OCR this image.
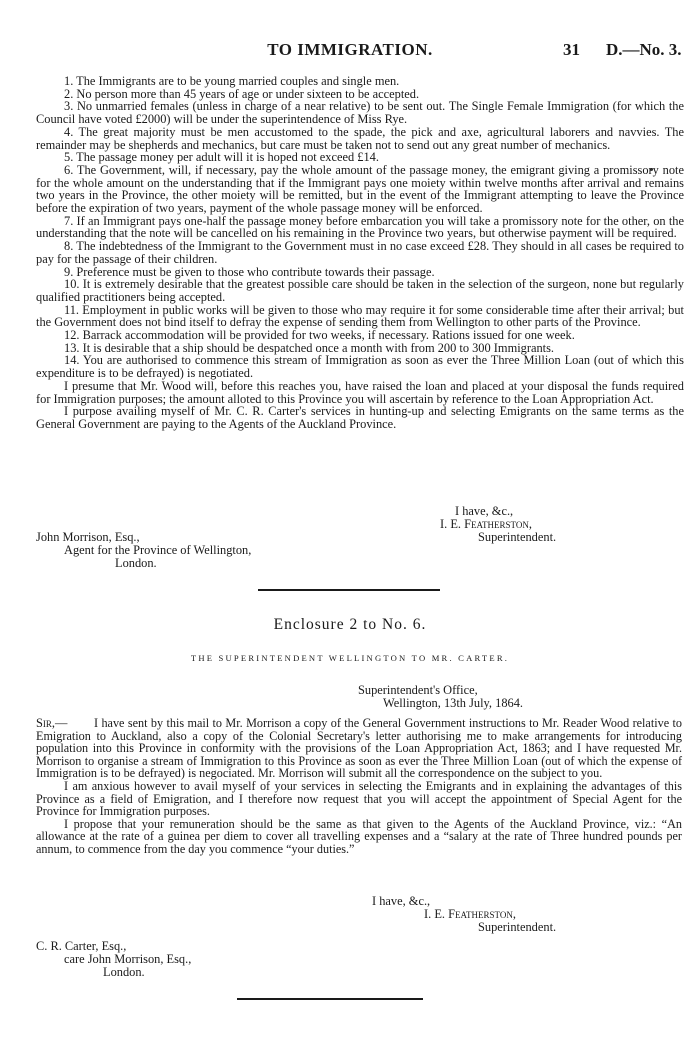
TO IMMIGRATION.	31 D.—No. 3.

1. The Immigrants are to be young married couples and single men.

2. No person more than 45 years of age or under sixteen to be accepted.

3. No unmarried females (unless in charge of a near relative) to be sent out. The Single Female Immigration (for which the Council have voted £2000) will be under the superintendence of Miss Rye.

4. The great majority must be men accustomed to the spade, the pick and axe, agricultural laborers and navvies. The remainder may be shepherds and mechanics, but care must be taken not to send out any great number of mechanics.

5. The passage money per adult will it is hoped not exceed £14.

6. The Government, will, if necessary, pay the whole amount of the passage money, the emigrant giving a promissory note for the whole amount on the understanding that if the Immigrant pays one moiety within twelve months after arrival and remains two years in the Province, the other moiety will be remitted, but in the event of the Immigrant attempting to leave the Province before the expiration of two years, payment of the whole passage money will be enforced.

7. If an Immigrant pays one-half the passage money before embarcation you will take a promissory note for the other, on the understanding that the note will be cancelled on his remaining in the Province two years, but otherwise payment will be required.

8. The indebtedness of the Immigrant to the Government must in no case exceed £28. They should in all cases be required to pay for the passage of their children.

9. Preference must be given to those who contribute towards their passage.

10. It is extremely desirable that the greatest possible care should be taken in the selection of the surgeon, none but regularly qualified practitioners being accepted.

11. Employment in public works will be given to those who may require it for some considerable time after their arrival; but the Government does not bind itself to defray the expense of sending them from Wellington to other parts of the Province.

12. Barrack accommodation will be provided for two weeks, if necessary. Rations issued for one week.

13. It is desirable that a ship should be despatched once a month with from 200 to 300 Immigrants.

14. You are authorised to commence this stream of Immigration as soon as ever the Three Million Loan (out of which this expenditure is to be defrayed) is negotiated.

I presume that Mr. Wood will, before this reaches you, have raised the loan and placed at your disposal the funds required for Immigration purposes; the amount alloted to this Province you will ascertain by reference to the Loan Appropriation Act.

I purpose availing myself of Mr. C. R. Carter's services in hunting-up and selecting Emigrants on the same terms as the General Government are paying to the Agents of the Auckland Province.

I have, &c.,
I. E. Featherston,
Superintendent.
John Morrison, Esq.,
Agent for the Province of Wellington,
London.
Enclosure 2 to No. 6.
THE SUPERINTENDENT WELLINGTON TO MR. CARTER.
Superintendent's Office,
Wellington, 13th July, 1864.
Sir,—	I have sent by this mail to Mr. Morrison a copy of the General Government instructions to Mr. Reader Wood relative to Emigration to Auckland, also a copy of the Colonial Secretary's letter authorising me to make arrangements for introducing population into this Province in conformity with the provisions of the Loan Appropriation Act, 1863; and I have requested Mr. Morrison to organise a stream of Immigration to this Province as soon as ever the Three Million Loan (out of which the expense of Immigration is to be defrayed) is negociated. Mr. Morrison will submit all the correspondence on the subject to you.

I am anxious however to avail myself of your services in selecting the Emigrants and in explaining the advantages of this Province as a field of Emigration, and I therefore now request that you will accept the appointment of Special Agent for the Province for Immigration purposes.

I propose that your remuneration should be the same as that given to the Agents of the Auckland Province, viz.: “An allowance at the rate of a guinea per diem to cover all travelling expenses and a “salary at the rate of Three hundred pounds per annum, to commence from the day you commence “your duties.”

I have, &c.,
I. E. Featherston,
Superintendent.
C. R. Carter, Esq.,
care John Morrison, Esq.,
London.
